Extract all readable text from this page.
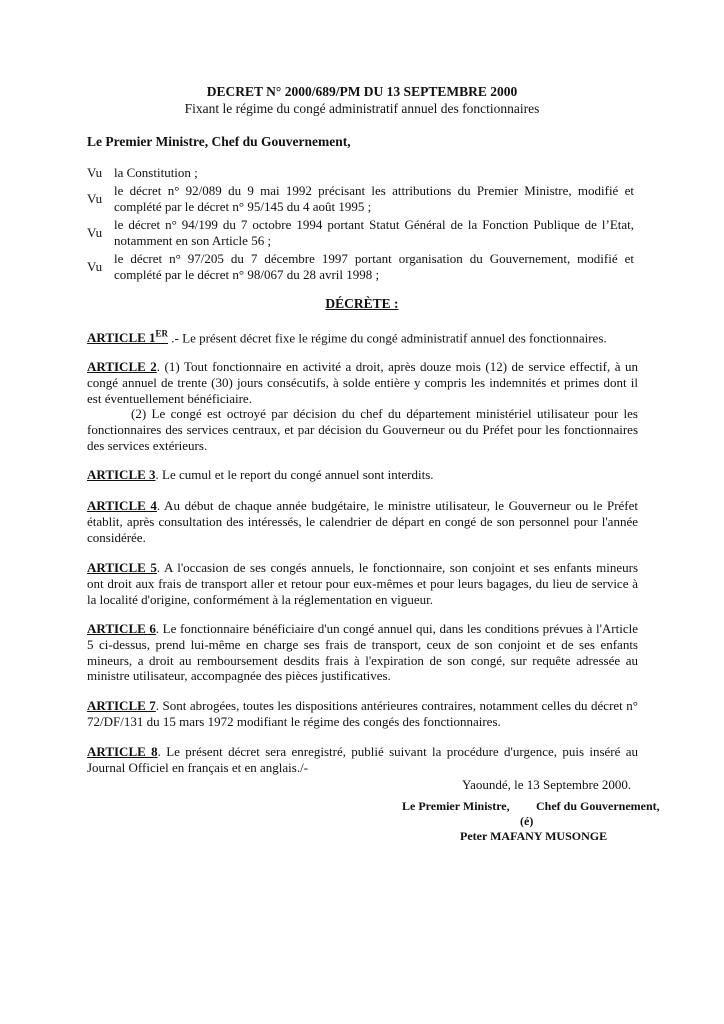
DECRET N° 2000/689/PM DU 13 SEPTEMBRE 2000
Fixant le régime du congé administratif annuel des fonctionnaires
Le Premier Ministre, Chef du Gouvernement,
Vu la Constitution ;
Vu
le décret n° 92/089 du 9 mai 1992 précisant les attributions du Premier Ministre, modifié et complété par le décret n° 95/145 du 4 août 1995 ;
Vu
le décret n° 94/199 du 7 octobre 1994 portant Statut Général de la Fonction Publique de l’Etat, notamment en son Article 56 ;
Vu
le décret n° 97/205 du 7 décembre 1997 portant organisation du Gouvernement, modifié et complété par le décret n° 98/067 du 28 avril 1998 ;
DÉCRÈTE :
ARTICLE 1ER .- Le présent décret fixe le régime du congé administratif annuel des fonctionnaires.
ARTICLE 2. (1) Tout fonctionnaire en activité a droit, après douze mois (12) de service effectif, à un congé annuel de trente (30) jours consécutifs, à solde entière y compris les indemnités et primes dont il est éventuellement bénéficiaire.
(2) Le congé est octroyé par décision du chef du département ministériel utilisateur pour les fonctionnaires des services centraux, et par décision du Gouverneur ou du Préfet pour les fonctionnaires des services extérieurs.
ARTICLE 3. Le cumul et le report du congé annuel sont interdits.
ARTICLE 4. Au début de chaque année budgétaire, le ministre utilisateur, le Gouverneur ou le Préfet établit, après consultation des intéressés, le calendrier de départ en congé de son personnel pour l'année considérée.
ARTICLE 5. A l'occasion de ses congés annuels, le fonctionnaire, son conjoint et ses enfants mineurs ont droit aux frais de transport aller et retour pour eux-mêmes et pour leurs bagages, du lieu de service à la localité d'origine, conformément à la réglementation en vigueur.
ARTICLE 6. Le fonctionnaire bénéficiaire d'un congé annuel qui, dans les conditions prévues à l'Article 5 ci-dessus, prend lui-même en charge ses frais de transport, ceux de son conjoint et de ses enfants mineurs, a droit au remboursement desdits frais à l'expiration de son congé, sur requête adressée au ministre utilisateur, accompagnée des pièces justificatives.
ARTICLE 7. Sont abrogées, toutes les dispositions antérieures contraires, notamment celles du décret n° 72/DF/131 du 15 mars 1972 modifiant le régime des congés des fonctionnaires.
ARTICLE 8. Le présent décret sera enregistré, publié suivant la procédure d'urgence, puis inséré au Journal Officiel en français et en anglais./-
Yaoundé, le 13 Septembre 2000.
Le Premier Ministre, Chef du Gouvernement,
(é)
Peter MAFANY MUSONGE
